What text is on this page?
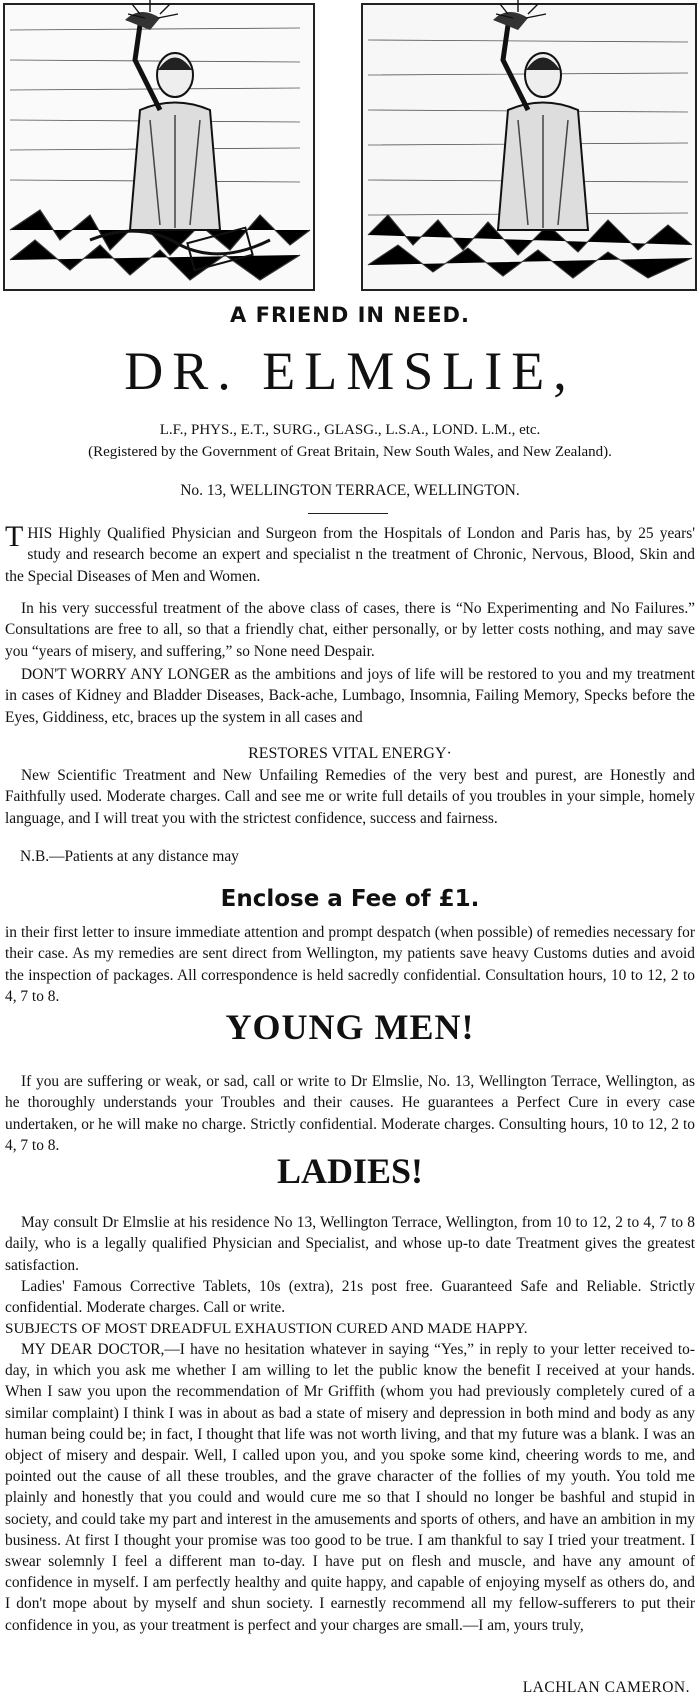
A FRIEND IN NEED.
DR. ELMSLIE,
L.F., PHYS., E.T., SURG., GLASG., L.S.A., LOND. L.M., etc.
(Registered by the Government of Great Britain, New South Wales, and New Zealand).
No. 13, WELLINGTON TERRACE, WELLINGTON.
THIS Highly Qualified Physician and Surgeon from the Hospitals of London and Paris has, by 25 years' study and research become an expert and specialist n the treatment of Chronic, Nervous, Blood, Skin and the Special Diseases of Men and Women.
In his very successful treatment of the above class of cases, there is “No Experimenting and No Failures.” Consultations are free to all, so that a friendly chat, either personally, or by letter costs nothing, and may save you “years of misery, and suffering,” so None need Despair.
DON'T WORRY ANY LONGER as the ambitions and joys of life will be restored to you and my treatment in cases of Kidney and Bladder Diseases, Back-ache, Lumbago, Insomnia, Failing Memory, Specks before the Eyes, Giddiness, etc, braces up the system in all cases and
RESTORES VITAL ENERGY·
New Scientific Treatment and New Unfailing Remedies of the very best and purest, are Honestly and Faithfully used. Moderate charges. Call and see me or write full details of you troubles in your simple, homely language, and I will treat you with the strictest confidence, success and fairness.
N.B.—Patients at any distance may
Enclose a Fee of £1.
in their first letter to insure immediate attention and prompt despatch (when possible) of remedies necessary for their case. As my remedies are sent direct from Wellington, my patients save heavy Customs duties and avoid the inspection of packages. All correspondence is held sacredly confidential. Consultation hours, 10 to 12, 2 to 4, 7 to 8.
YOUNG MEN!
If you are suffering or weak, or sad, call or write to Dr Elmslie, No. 13, Wellington Terrace, Wellington, as he thoroughly understands your Troubles and their causes. He guarantees a Perfect Cure in every case undertaken, or he will make no charge. Strictly confidential. Moderate charges. Consulting hours, 10 to 12, 2 to 4, 7 to 8.
LADIES!
May consult Dr Elmslie at his residence No 13, Wellington Terrace, Wellington, from 10 to 12, 2 to 4, 7 to 8 daily, who is a legally qualified Physician and Specialist, and whose up-to date Treatment gives the greatest satisfaction.
Ladies' Famous Corrective Tablets, 10s (extra), 21s post free. Guaranteed Safe and Reliable. Strictly confidential. Moderate charges. Call or write.
SUBJECTS OF MOST DREADFUL EXHAUSTION CURED AND MADE HAPPY.
MY DEAR DOCTOR,—I have no hesitation whatever in saying “Yes,” in reply to your letter received to-day, in which you ask me whether I am willing to let the public know the benefit I received at your hands. When I saw you upon the recommendation of Mr Griffith (whom you had previously completely cured of a similar complaint) I think I was in about as bad a state of misery and depression in both mind and body as any human being could be; in fact, I thought that life was not worth living, and that my future was a blank. I was an object of misery and despair. Well, I called upon you, and you spoke some kind, cheering words to me, and pointed out the cause of all these troubles, and the grave character of the follies of my youth. You told me plainly and honestly that you could and would cure me so that I should no longer be bashful and stupid in society, and could take my part and interest in the amusements and sports of others, and have an ambition in my business. At first I thought your promise was too good to be true. I am thankful to say I tried your treatment. I swear solemnly I feel a different man to-day. I have put on flesh and muscle, and have any amount of confidence in myself. I am perfectly healthy and quite happy, and capable of enjoying myself as others do, and I don't mope about by myself and shun society. I earnestly recommend all my fellow-sufferers to put their confidence in you, as your treatment is perfect and your charges are small.—I am, yours truly,
LACHLAN CAMERON.
